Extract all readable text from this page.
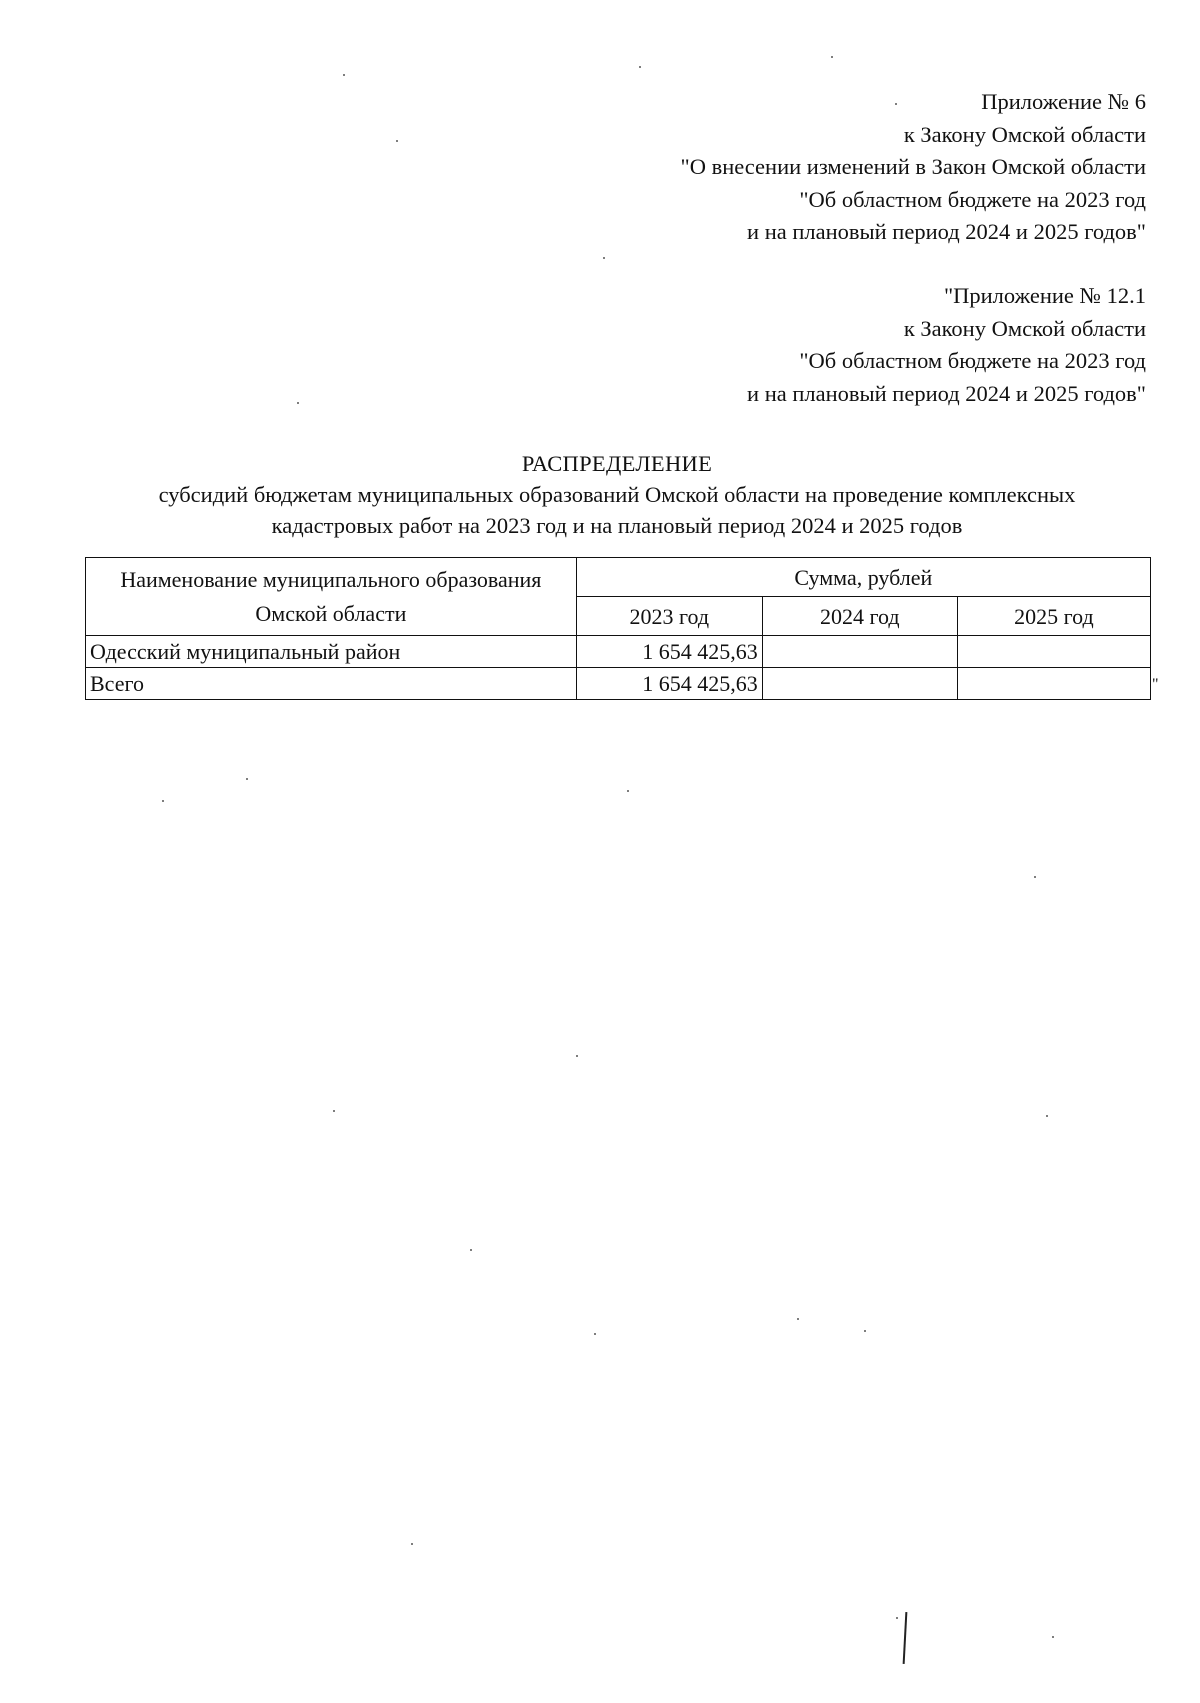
Приложение № 6
к Закону Омской области
"О внесении изменений в Закон Омской области
"Об областном бюджете на 2023 год
и на плановый период 2024 и 2025 годов"
"Приложение № 12.1
к Закону Омской области
"Об областном бюджете на 2023 год
и на плановый период 2024 и 2025 годов"
РАСПРЕДЕЛЕНИЕ
субсидий бюджетам муниципальных образований Омской области на проведение комплексных
кадастровых работ на 2023 год и на плановый период 2024 и 2025 годов
Наименование муниципального образования Омской области	Сумма, рублей		
	2023 год	2024 год	2025 год
Одесский муниципальный район	1 654 425,63		
Всего	1 654 425,63			"
